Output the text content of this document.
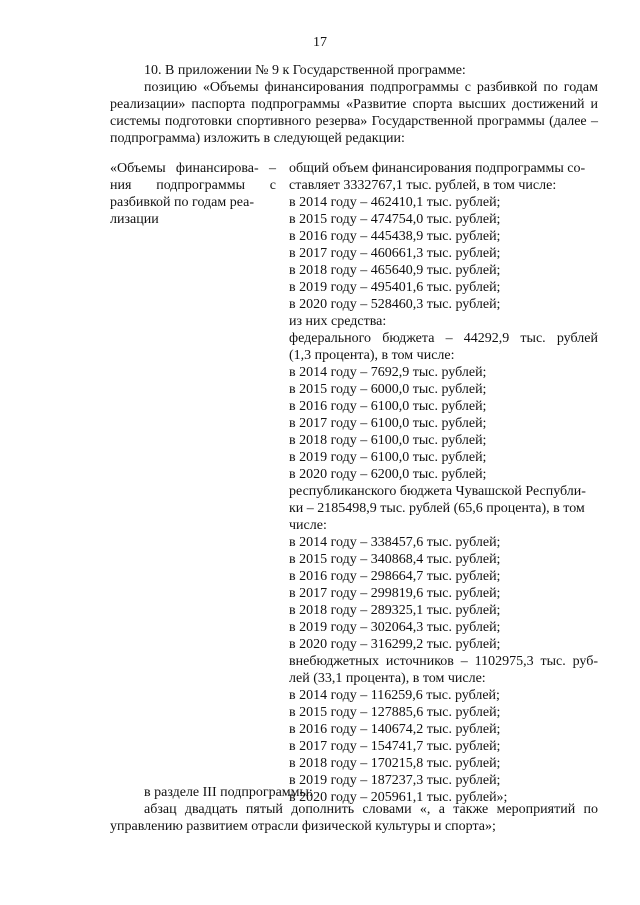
17
10. В приложении № 9 к Государственной программе:
позицию «Объемы финансирования подпрограммы с разбивкой по годам реализации» паспорта подпрограммы «Развитие спорта высших достижений и системы подготовки спортивного резерва» Государственной программы (далее – подпрограмма) изложить в следующей редакции:
«Объемы финансирова- –
ния подпрограммы с
разбивкой по годам реа-
лизации
общий объем финансирования подпрограммы со-
ставляет 3332767,1 тыс. рублей, в том числе:
в 2014 году – 462410,1 тыс. рублей;
в 2015 году – 474754,0 тыс. рублей;
в 2016 году – 445438,9 тыс. рублей;
в 2017 году – 460661,3 тыс. рублей;
в 2018 году – 465640,9 тыс. рублей;
в 2019 году – 495401,6 тыс. рублей;
в 2020 году – 528460,3 тыс. рублей;
из них средства:
федерального бюджета – 44292,9 тыс. рублей
(1,3 процента), в том числе:
в 2014 году – 7692,9 тыс. рублей;
в 2015 году – 6000,0 тыс. рублей;
в 2016 году – 6100,0 тыс. рублей;
в 2017 году – 6100,0 тыс. рублей;
в 2018 году – 6100,0 тыс. рублей;
в 2019 году – 6100,0 тыс. рублей;
в 2020 году – 6200,0 тыс. рублей;
республиканского бюджета Чувашской Республи-
ки – 2185498,9 тыс. рублей (65,6 процента), в том
числе:
в 2014 году – 338457,6 тыс. рублей;
в 2015 году – 340868,4 тыс. рублей;
в 2016 году – 298664,7 тыс. рублей;
в 2017 году – 299819,6 тыс. рублей;
в 2018 году – 289325,1 тыс. рублей;
в 2019 году – 302064,3 тыс. рублей;
в 2020 году – 316299,2 тыс. рублей;
внебюджетных источников – 1102975,3 тыс. руб-
лей (33,1 процента), в том числе:
в 2014 году – 116259,6 тыс. рублей;
в 2015 году – 127885,6 тыс. рублей;
в 2016 году – 140674,2 тыс. рублей;
в 2017 году – 154741,7 тыс. рублей;
в 2018 году – 170215,8 тыс. рублей;
в 2019 году – 187237,3 тыс. рублей;
в 2020 году – 205961,1 тыс. рублей»;
в разделе III подпрограммы:
абзац двадцать пятый дополнить словами «, а также мероприятий по управлению развитием отрасли физической культуры и спорта»;
